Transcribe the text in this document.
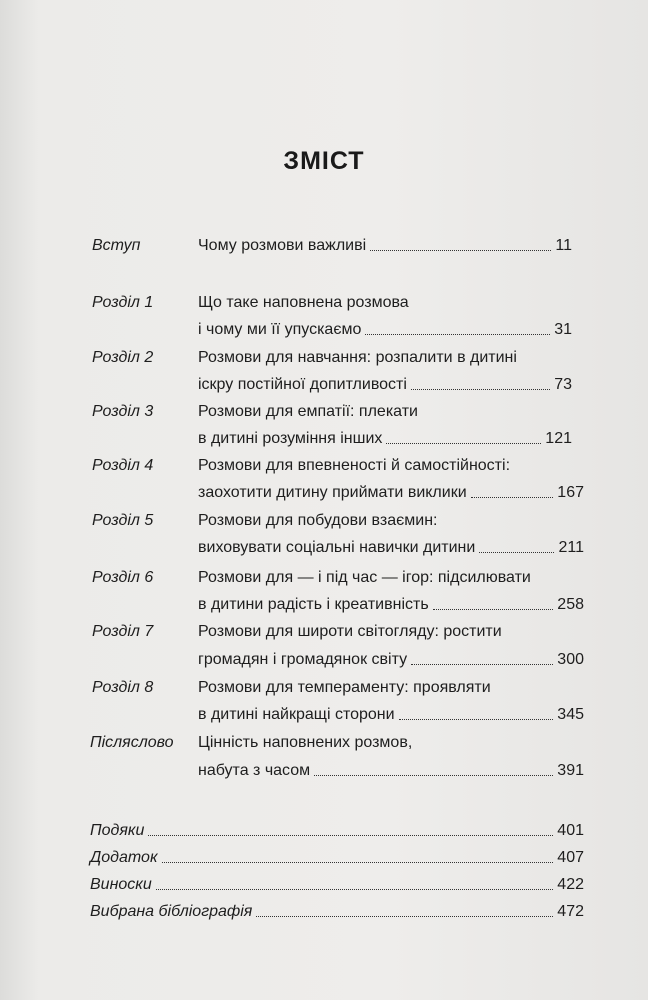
ЗМІСТ
Вступ	Чому розмови важливі	11
Розділ 1	Що таке наповнена розмова
і чому ми її упускаємо	31
Розділ 2	Розмови для навчання: розпалити в дитині
іскру постійної допитливості	73
Розділ 3	Розмови для емпатії: плекати
в дитині розуміння інших	121
Розділ 4	Розмови для впевненості й самостійності:
заохотити дитину приймати виклики	167
Розділ 5	Розмови для побудови взаємин:
виховувати соціальні навички дитини	211
Розділ 6	Розмови для — і під час — ігор: підсилювати
в дитини радість і креативність	258
Розділ 7	Розмови для широти світогляду: ростити
громадян і громадянок світу	300
Розділ 8	Розмови для темпераменту: проявляти
в дитині найкращі сторони	345
Післяслово Цінність наповнених розмов,
набута з часом	391
Подяки	401
Додаток	407
Виноски	422
Вибрана бібліографія	472
